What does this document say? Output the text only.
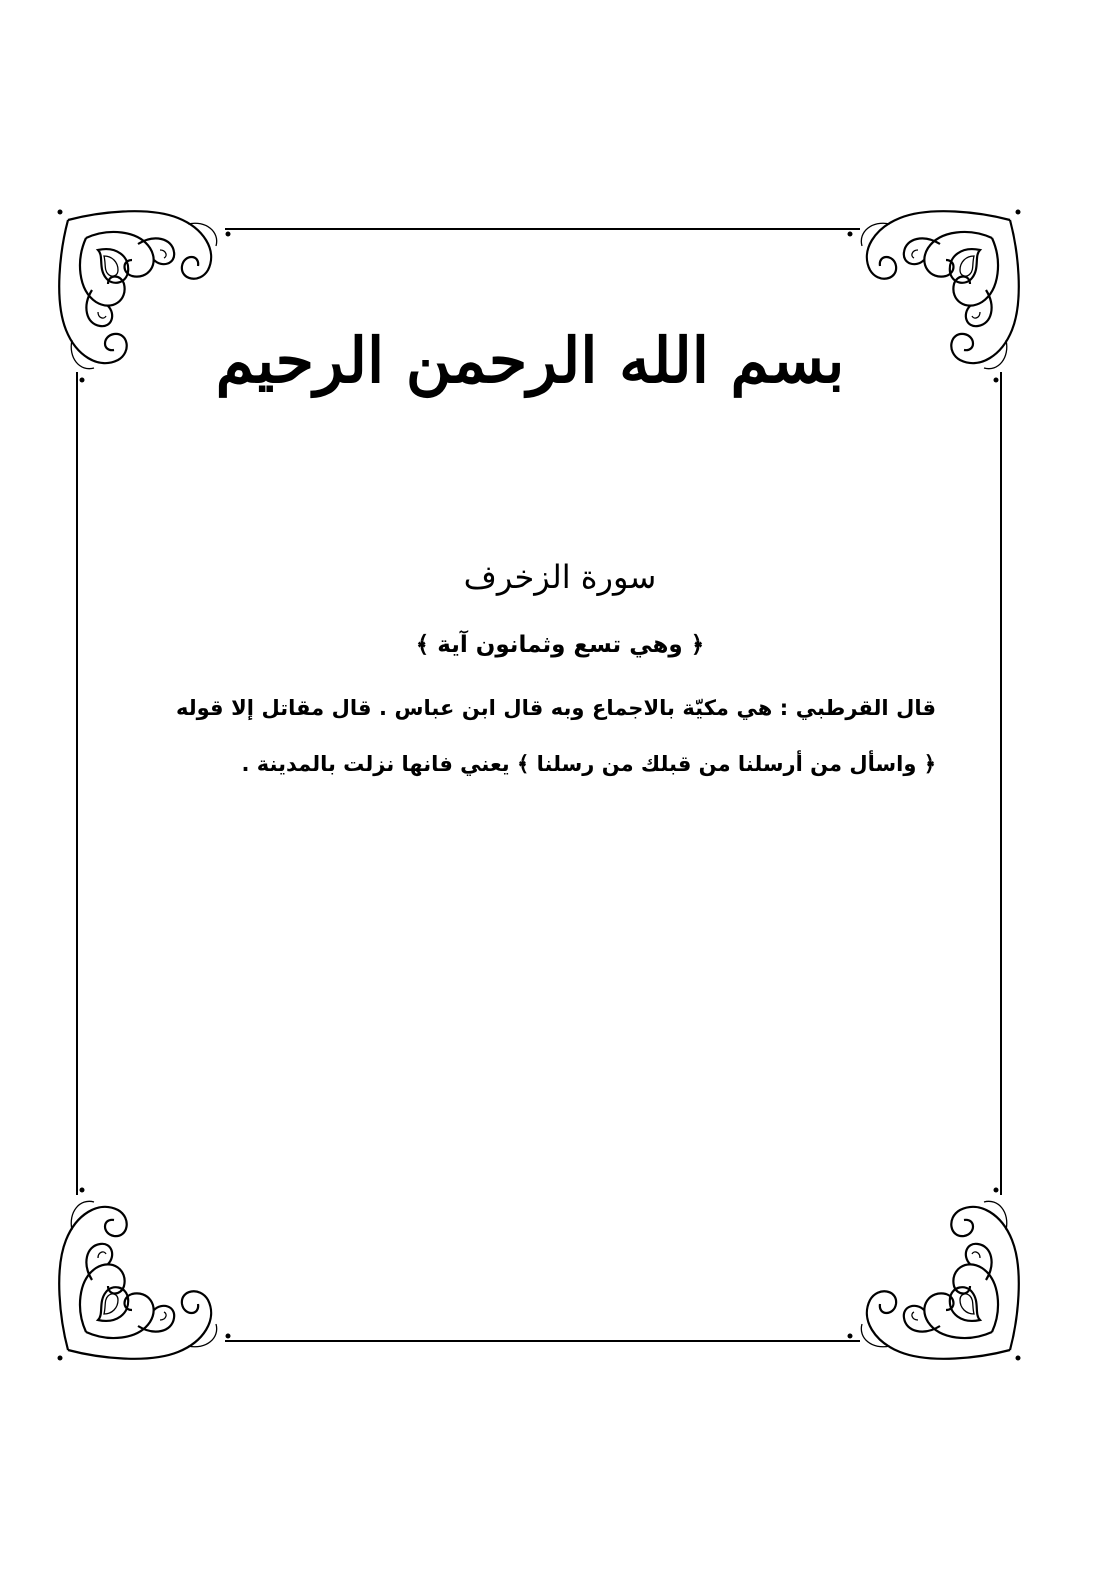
بسم الله الرحمن الرحيم
سورة الزخرف
﴿ وهي تسع وثمانون آية ﴾

قال القرطبي : هي مكيّة بالاجماع وبه قال ابن عباس . قال مقاتل إلا قوله ﴿ واسأل من أرسلنا من قبلك من رسلنا ﴾ يعني فانها نزلت بالمدينة .
